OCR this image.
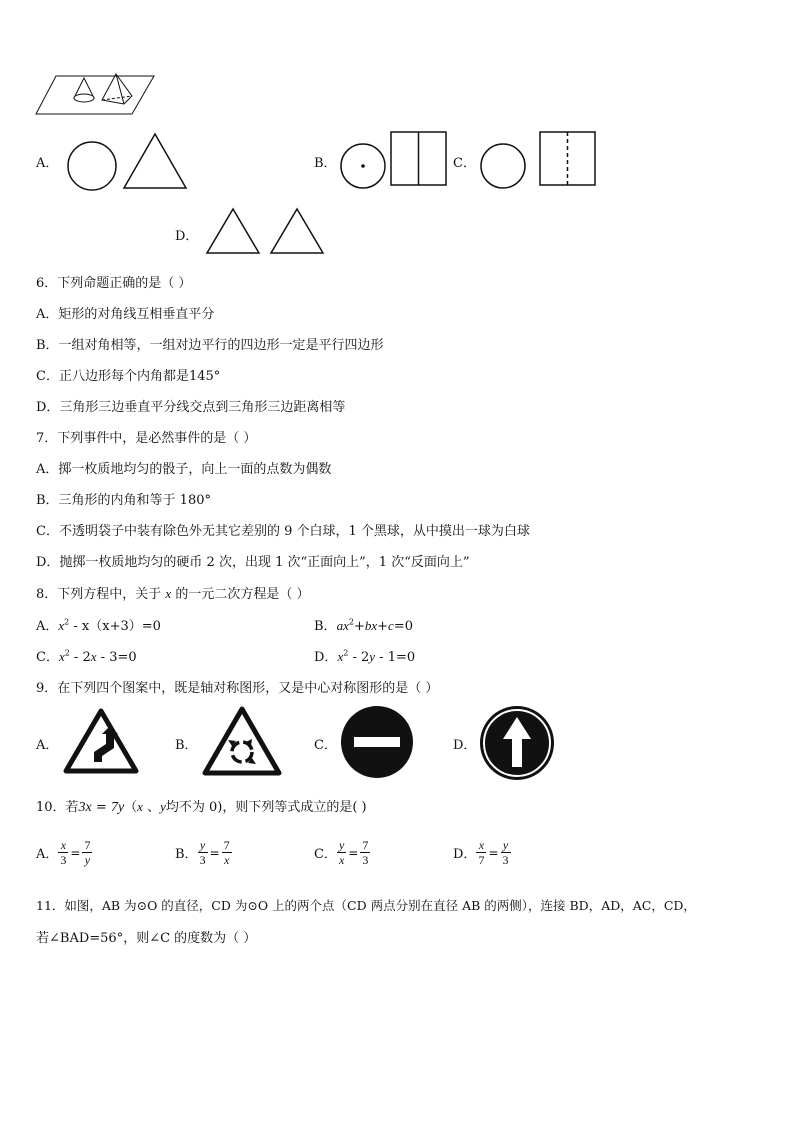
A．	B．	C．
D．
6．下列命题正确的是（ ）
A．矩形的对角线互相垂直平分
B．一组对角相等，一组对边平行的四边形一定是平行四边形
C．正八边形每个内角都是145°
D．三角形三边垂直平分线交点到三角形三边距离相等
7．下列事件中，是必然事件的是（ ）
A．掷一枚质地均匀的骰子，向上一面的点数为偶数
B．三角形的内角和等于 180°
C．不透明袋子中装有除色外无其它差别的 9 个白球，1 个黑球，从中摸出一球为白球
D．抛掷一枚质地均匀的硬币 2 次，出现 1 次“正面向上”，1 次“反面向上”
8．下列方程中，关于 x 的一元二次方程是（ ）
A．$x^2 - x(x+3)=0$	B．$ax^2+bx+c=0$
C．$x^2 - 2x - 3=0$	D．$x^2 - 2y - 1=0$
9．在下列四个图案中，既是轴对称图形，又是中心对称图形的是（ ）
A．	B．	C．	D．
10．若3x = 7y（x 、y均不为 0)，则下列等式成立的是( )
A． $\frac{x}{3} = \frac{7}{y}$	B． $\frac{y}{3} = \frac{7}{x}$	C． $\frac{y}{x} = \frac{7}{3}$	D． $\frac{x}{7} = \frac{y}{3}$
11．如图，AB 为⊙O 的直径，CD 为⊙O 上的两个点（CD 两点分别在直径 AB 的两侧），连接 BD，AD，AC，CD，
若∠BAD=56°，则∠C 的度数为（ ）
